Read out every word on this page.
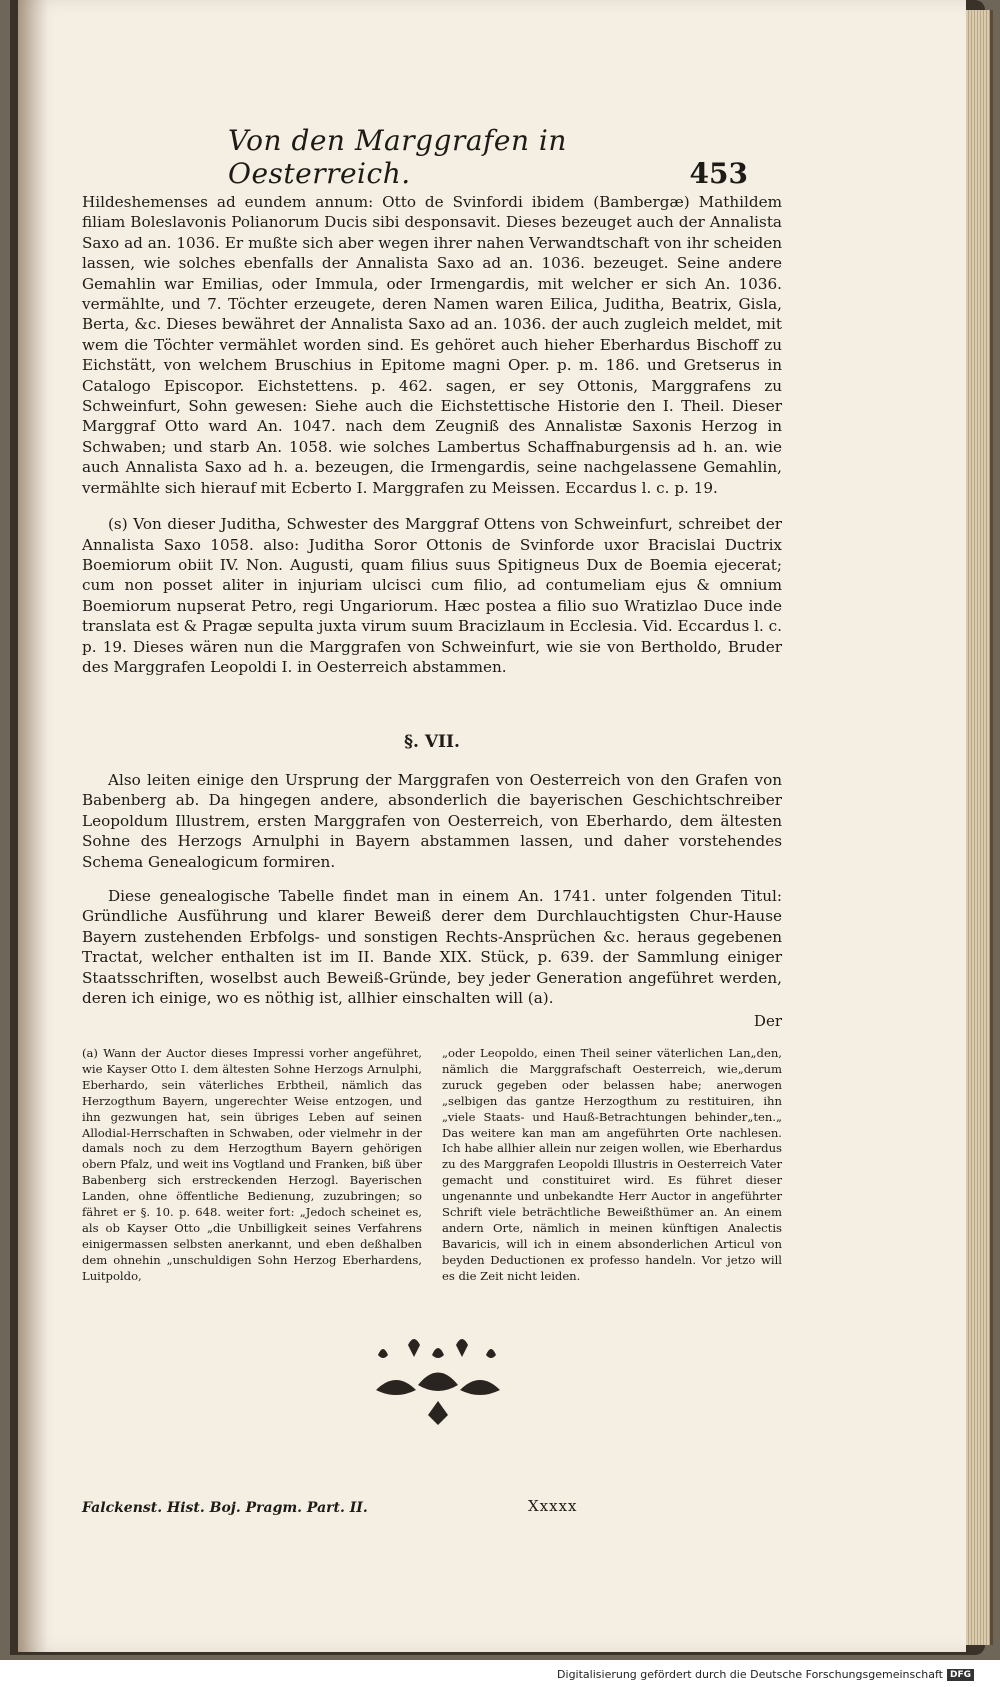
Von den Marggrafen in Oesterreich.	453

Hildeshemenses ad eundem annum: Otto de Svinfordi ibidem (Bambergæ) Mathildem filiam Boleslavonis Polianorum Ducis sibi desponsavit. Dieses bezeuget auch der Annalista Saxo ad an. 1036. Er mußte sich aber wegen ihrer nahen Verwandtschaft von ihr scheiden lassen, wie solches ebenfalls der Annalista Saxo ad an. 1036. bezeuget. Seine andere Gemahlin war Emilias, oder Immula, oder Irmengardis, mit welcher er sich An. 1036. vermählte, und 7. Töchter erzeugete, deren Namen waren Eilica, Juditha, Beatrix, Gisla, Berta, &c. Dieses bewähret der Annalista Saxo ad an. 1036. der auch zugleich meldet, mit wem die Töchter vermählet worden sind. Es gehöret auch hieher Eberhardus Bischoff zu Eichstätt, von welchem Bruschius in Epitome magni Oper. p. m. 186. und Gretserus in Catalogo Episcopor. Eichstettens. p. 462. sagen, er sey Ottonis, Marggrafens zu Schweinfurt, Sohn gewesen: Siehe auch die Eichstettische Historie den I. Theil. Dieser Marggraf Otto ward An. 1047. nach dem Zeugniß des Annalistæ Saxonis Herzog in Schwaben; und starb An. 1058. wie solches Lambertus Schaffnaburgensis ad h. an. wie auch Annalista Saxo ad h. a. bezeugen, die Irmengardis, seine nachgelassene Gemahlin, vermählte sich hierauf mit Ecberto I. Marggrafen zu Meissen. Eccardus l. c. p. 19.

(s) Von dieser Juditha, Schwester des Marggraf Ottens von Schweinfurt, schreibet der Annalista Saxo 1058. also: Juditha Soror Ottonis de Svinforde uxor Bracislai Ductrix Boemiorum obiit IV. Non. Augusti, quam filius suus Spitigneus Dux de Boemia ejecerat; cum non posset aliter in injuriam ulcisci cum filio, ad contumeliam ejus & omnium Boemiorum nupserat Petro, regi Ungariorum. Hæc postea a filio suo Wratizlao Duce inde translata est & Pragæ sepulta juxta virum suum Bracizlaum in Ecclesia. Vid. Eccardus l. c. p. 19. Dieses wären nun die Marggrafen von Schweinfurt, wie sie von Bertholdo, Bruder des Marggrafen Leopoldi I. in Oesterreich abstammen.

§. VII.

Also leiten einige den Ursprung der Marggrafen von Oesterreich von den Grafen von Babenberg ab. Da hingegen andere, absonderlich die bayerischen Geschichtschreiber Leopoldum Illustrem, ersten Marggrafen von Oesterreich, von Eberhardo, dem ältesten Sohne des Herzogs Arnulphi in Bayern abstammen lassen, und daher vorstehendes Schema Genealogicum formiren.

Diese genealogische Tabelle findet man in einem An. 1741. unter folgenden Titul: Gründliche Ausführung und klarer Beweiß derer dem Durchlauchtigsten Chur-Hause Bayern zustehenden Erbfolgs- und sonstigen Rechts-Ansprüchen &c. heraus gegebenen Tractat, welcher enthalten ist im II. Bande XIX. Stück, p. 639. der Sammlung einiger Staatsschriften, woselbst auch Beweiß-Gründe, bey jeder Generation angeführet werden, deren ich einige, wo es nöthig ist, allhier einschalten will (a).

Der

(a) Wann der Auctor dieses Impressi vorher angeführet, wie Kayser Otto I. dem ältesten Sohne Herzogs Arnulphi, Eberhardo, sein väterliches Erbtheil, nämlich das Herzogthum Bayern, ungerechter Weise entzogen, und ihn gezwungen hat, sein übriges Leben auf seinen Allodial-Herrschaften in Schwaben, oder vielmehr in der damals noch zu dem Herzogthum Bayern gehörigen obern Pfalz, und weit ins Vogtland und Franken, biß über Babenberg sich erstreckenden Herzogl. Bayerischen Landen, ohne öffentliche Bedienung, zuzubringen; so fähret er §. 10. p. 648. weiter fort: „Jedoch scheinet es, als ob Kayser Otto „die Unbilligkeit seines Verfahrens einigermassen selbsten anerkannt, und eben deßhalben dem ohnehin „unschuldigen Sohn Herzog Eberhardens, Luitpoldo,

„oder Leopoldo, einen Theil seiner väterlichen Lan„den, nämlich die Marggrafschaft Oesterreich, wie„derum zuruck gegeben oder belassen habe; anerwogen „selbigen das gantze Herzogthum zu restituiren, ihn „viele Staats- und Hauß-Betrachtungen behinder„ten.„ Das weitere kan man am angeführten Orte nachlesen. Ich habe allhier allein nur zeigen wollen, wie Eberhardus zu des Marggrafen Leopoldi Illustris in Oesterreich Vater gemacht und constituiret wird. Es führet dieser ungenannte und unbekandte Herr Auctor in angeführter Schrift viele beträchtliche Beweißthümer an. An einem andern Orte, nämlich in meinen künftigen Analectis Bavaricis, will ich in einem absonderlichen Articul von beyden Deductionen ex professo handeln. Vor jetzo will es die Zeit nicht leiden.

Falckenst. Hist. Boj. Pragm. Part. II.	Xxxxx
Digitalisierung gefördert durch die Deutsche Forschungsgemeinschaft DFG
